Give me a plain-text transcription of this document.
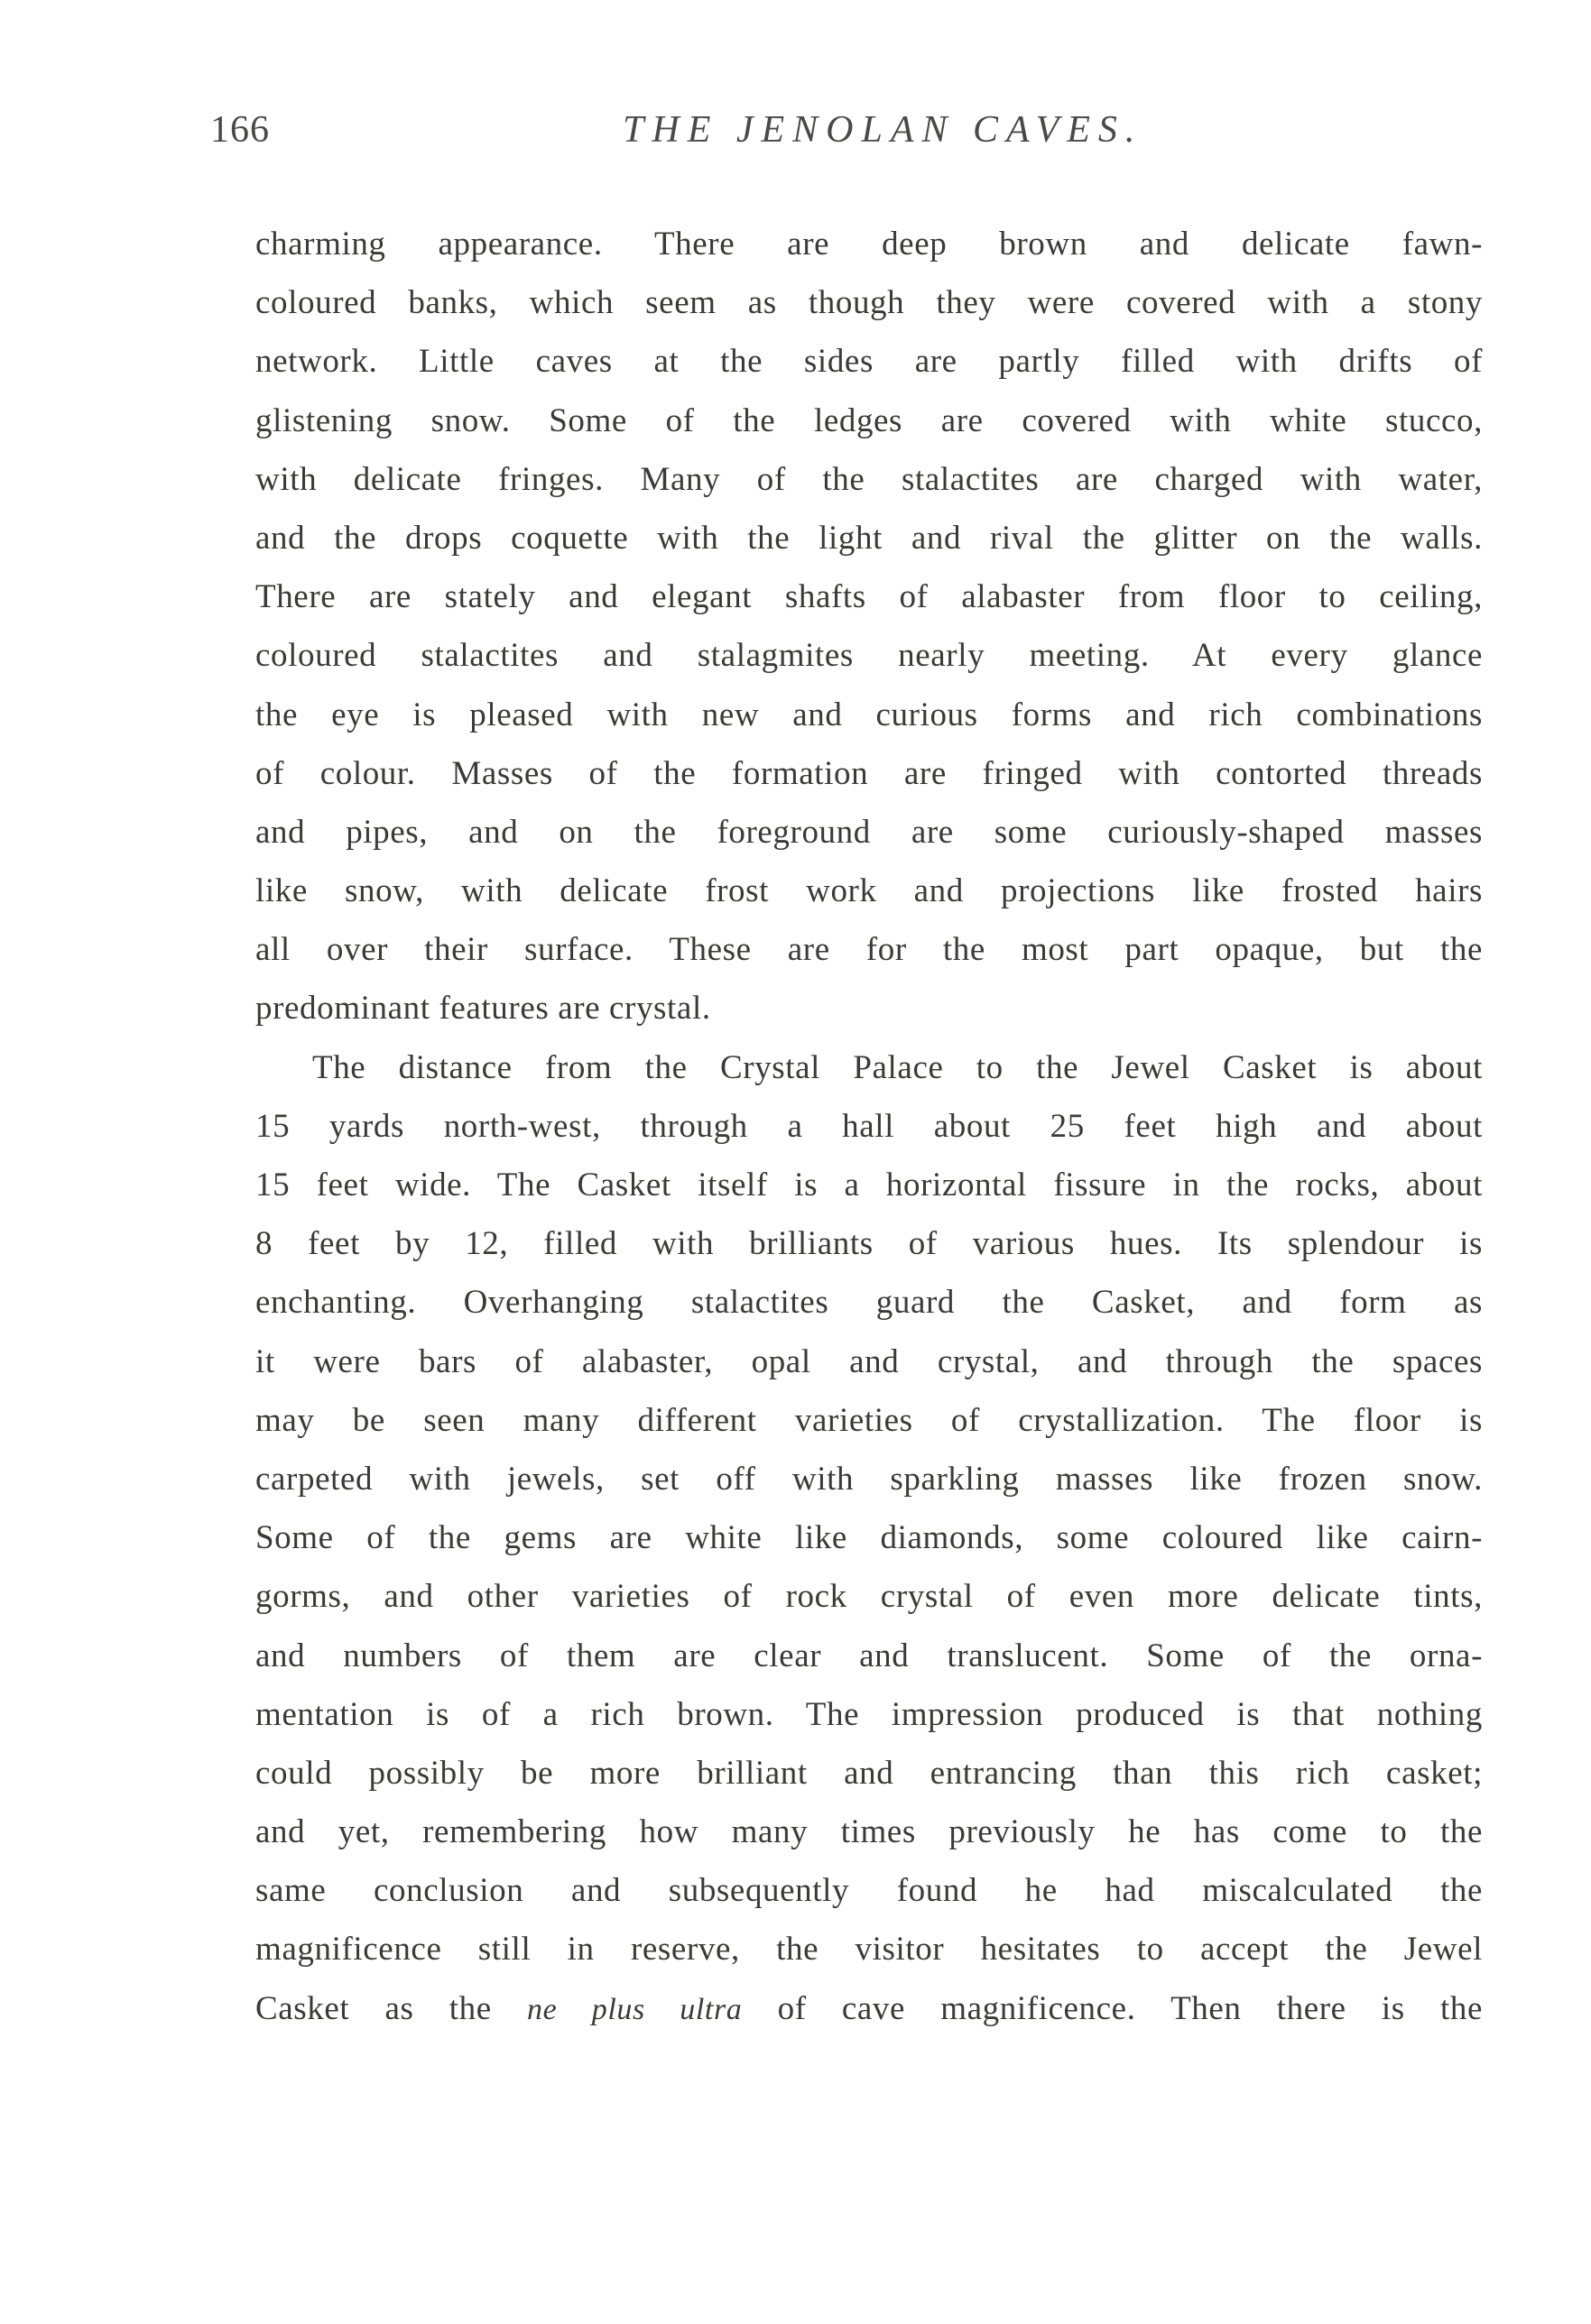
166	THE JENOLAN CAVES.
charming appearance. There are deep brown and delicate fawn-
coloured banks, which seem as though they were covered with a stony
network. Little caves at the sides are partly filled with drifts of
glistening snow. Some of the ledges are covered with white stucco,
with delicate fringes. Many of the stalactites are charged with water,
and the drops coquette with the light and rival the glitter on the walls.
There are stately and elegant shafts of alabaster from floor to ceiling,
coloured stalactites and stalagmites nearly meeting. At every glance
the eye is pleased with new and curious forms and rich combinations
of colour. Masses of the formation are fringed with contorted threads
and pipes, and on the foreground are some curiously-shaped masses
like snow, with delicate frost work and projections like frosted hairs
all over their surface. These are for the most part opaque, but the
predominant features are crystal.
The distance from the Crystal Palace to the Jewel Casket is about
15 yards north-west, through a hall about 25 feet high and about
15 feet wide. The Casket itself is a horizontal fissure in the rocks, about
8 feet by 12, filled with brilliants of various hues. Its splendour is
enchanting. Overhanging stalactites guard the Casket, and form as
it were bars of alabaster, opal and crystal, and through the spaces
may be seen many different varieties of crystallization. The floor is
carpeted with jewels, set off with sparkling masses like frozen snow.
Some of the gems are white like diamonds, some coloured like cairn-
gorms, and other varieties of rock crystal of even more delicate tints,
and numbers of them are clear and translucent. Some of the orna-
mentation is of a rich brown. The impression produced is that nothing
could possibly be more brilliant and entrancing than this rich casket;
and yet, remembering how many times previously he has come to the
same conclusion and subsequently found he had miscalculated the
magnificence still in reserve, the visitor hesitates to accept the Jewel
Casket as the ne plus ultra of cave magnificence. Then there is the
